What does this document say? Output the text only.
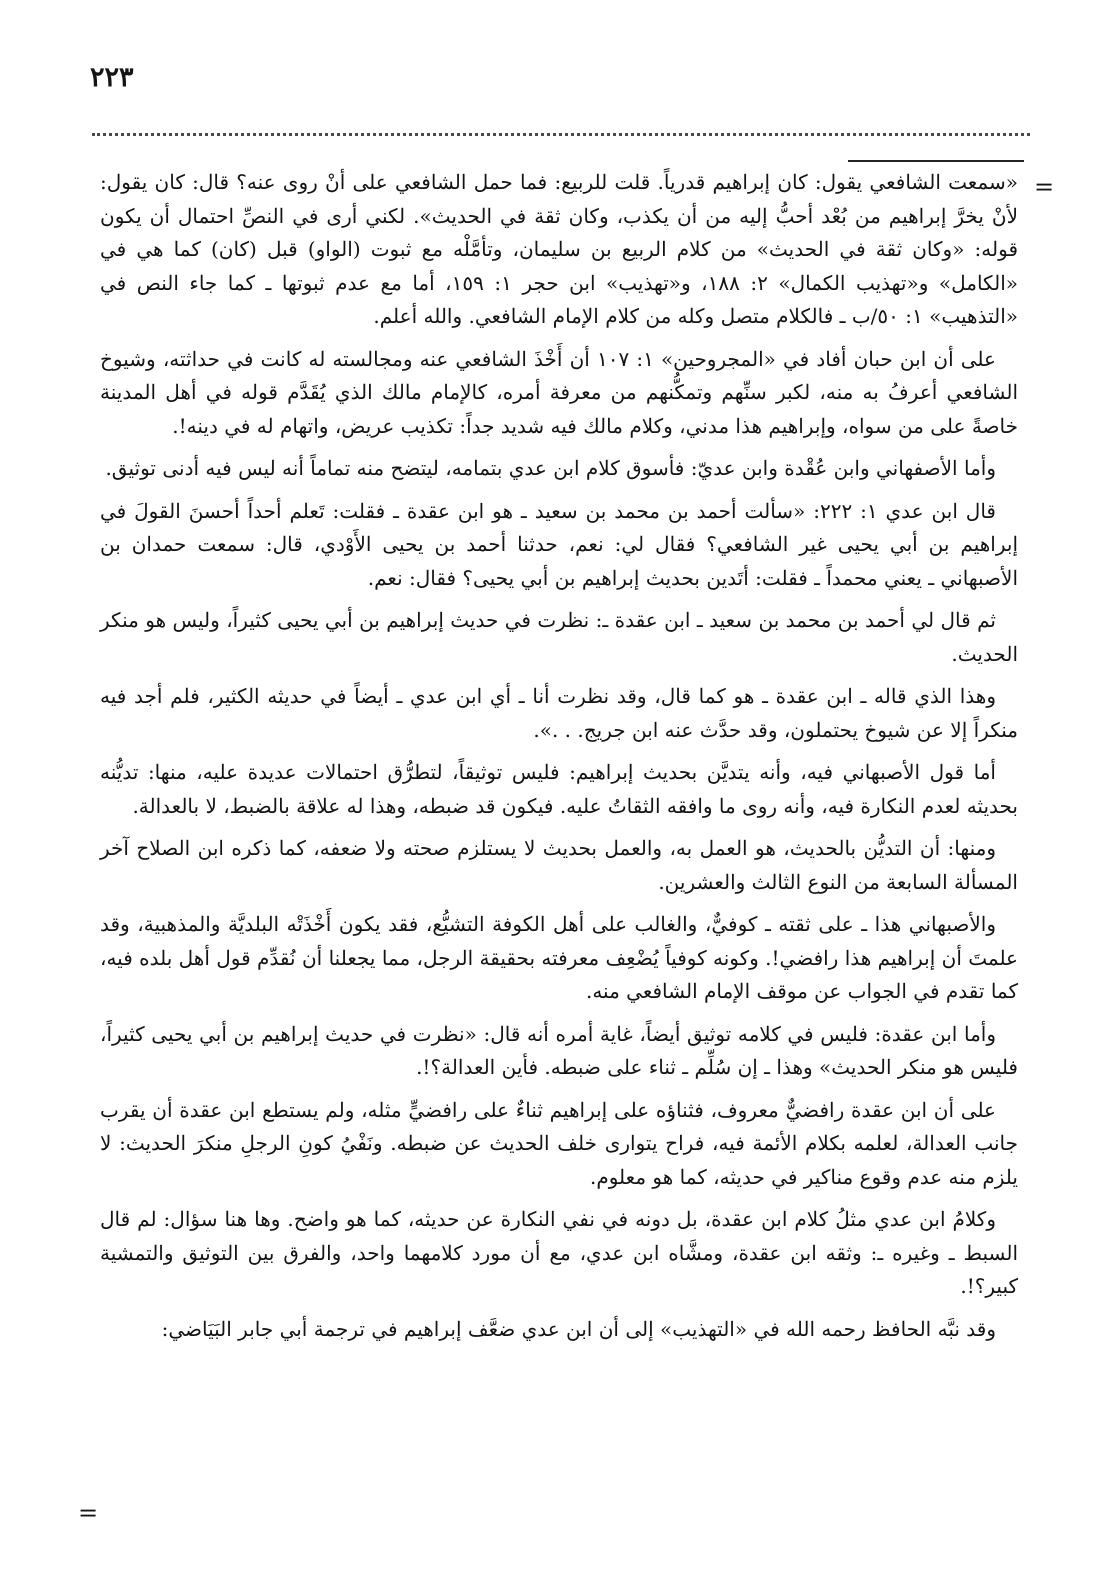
٢٢٣
=
=

«سمعت الشافعي يقول: كان إبراهيم قدرياً. قلت للربيع: فما حمل الشافعي على أنْ روى عنه؟ قال: كان يقول: لأنْ يخرَّ إبراهيم من بُعْد أحبُّ إليه من أن يكذب، وكان ثقة في الحديث». لكني أرى في النصِّ احتمال أن يكون قوله: «وكان ثقة في الحديث» من كلام الربيع بن سليمان، وتأمَّلْه مع ثبوت (الواو) قبل (كان) كما هي في «الكامل» و«تهذيب الكمال» ٢: ١٨٨، و«تهذيب» ابن حجر ١: ١٥٩، أما مع عدم ثبوتها ـ كما جاء النص في «التذهيب» ١: ٥٠/ب ـ فالكلام متصل وكله من كلام الإمام الشافعي. والله أعلم.

على أن ابن حبان أفاد في «المجروحين» ١: ١٠٧ أن أَخْذَ الشافعي عنه ومجالسته له كانت في حداثته، وشيوخ الشافعي أعرفُ به منه، لكبر سنِّهم وتمكُّنهم من معرفة أمره، كالإمام مالك الذي يُقَدَّم قوله في أهل المدينة خاصةً على من سواه، وإبراهيم هذا مدني، وكلام مالك فيه شديد جداً: تكذيب عريض، واتهام له في دينه!.

وأما الأصفهاني وابن عُقْدة وابن عديّ: فأسوق كلام ابن عدي بتمامه، ليتضح منه تماماً أنه ليس فيه أدنى توثيق.

قال ابن عدي ١: ٢٢٢: «سألت أحمد بن محمد بن سعيد ـ هو ابن عقدة ـ فقلت: تَعلم أحداً أحسنَ القولَ في إبراهيم بن أبي يحيى غير الشافعي؟ فقال لي: نعم، حدثنا أحمد بن يحيى الأَوْدي، قال: سمعت حمدان بن الأصبهاني ـ يعني محمداً ـ فقلت: أتَدين بحديث إبراهيم بن أبي يحيى؟ فقال: نعم.

ثم قال لي أحمد بن محمد بن سعيد ـ ابن عقدة ـ: نظرت في حديث إبراهيم بن أبي يحيى كثيراً، وليس هو منكر الحديث.

وهذا الذي قاله ـ ابن عقدة ـ هو كما قال، وقد نظرت أنا ـ أي ابن عدي ـ أيضاً في حديثه الكثير، فلم أجد فيه منكراً إلا عن شيوخ يحتملون، وقد حدَّث عنه ابن جريج. . .».

أما قول الأصبهاني فيه، وأنه يتديَّن بحديث إبراهيم: فليس توثيقاً، لتطرُّق احتمالات عديدة عليه، منها: تديُّنه بحديثه لعدم النكارة فيه، وأنه روى ما وافقه الثقاتُ عليه. فيكون قد ضبطه، وهذا له علاقة بالضبط، لا بالعدالة.

ومنها: أن التديُّن بالحديث، هو العمل به، والعمل بحديث لا يستلزم صحته ولا ضعفه، كما ذكره ابن الصلاح آخر المسألة السابعة من النوع الثالث والعشرين.

والأصبهاني هذا ـ على ثقته ـ كوفيٌّ، والغالب على أهل الكوفة التشيُّع، فقد يكون أَخْذَتْه البلديَّة والمذهبية، وقد علمتَ أن إبراهيم هذا رافضي!. وكونه كوفياً يُضْعِف معرفته بحقيقة الرجل، مما يجعلنا أن نُقدِّم قول أهل بلده فيه، كما تقدم في الجواب عن موقف الإمام الشافعي منه.

وأما ابن عقدة: فليس في كلامه توثيق أيضاً، غاية أمره أنه قال: «نظرت في حديث إبراهيم بن أبي يحيى كثيراً، فليس هو منكر الحديث» وهذا ـ إن سُلِّم ـ ثناء على ضبطه. فأين العدالة؟!.

على أن ابن عقدة رافضيٌّ معروف، فثناؤه على إبراهيم ثناءٌ على رافضيٍّ مثله، ولم يستطع ابن عقدة أن يقرب جانب العدالة، لعلمه بكلام الأئمة فيه، فراح يتوارى خلف الحديث عن ضبطه. ونَفْيُ كونِ الرجلِ منكرَ الحديث: لا يلزم منه عدم وقوع مناكير في حديثه، كما هو معلوم.

وكلامُ ابن عدي مثلُ كلام ابن عقدة، بل دونه في نفي النكارة عن حديثه، كما هو واضح. وها هنا سؤال: لم قال السبط ـ وغيره ـ: وثقه ابن عقدة، ومشَّاه ابن عدي، مع أن مورد كلامهما واحد، والفرق بين التوثيق والتمشية كبير؟!.

وقد نبَّه الحافظ رحمه الله في «التهذيب» إلى أن ابن عدي ضعَّف إبراهيم في ترجمة أبي جابر البَيَاضي:
